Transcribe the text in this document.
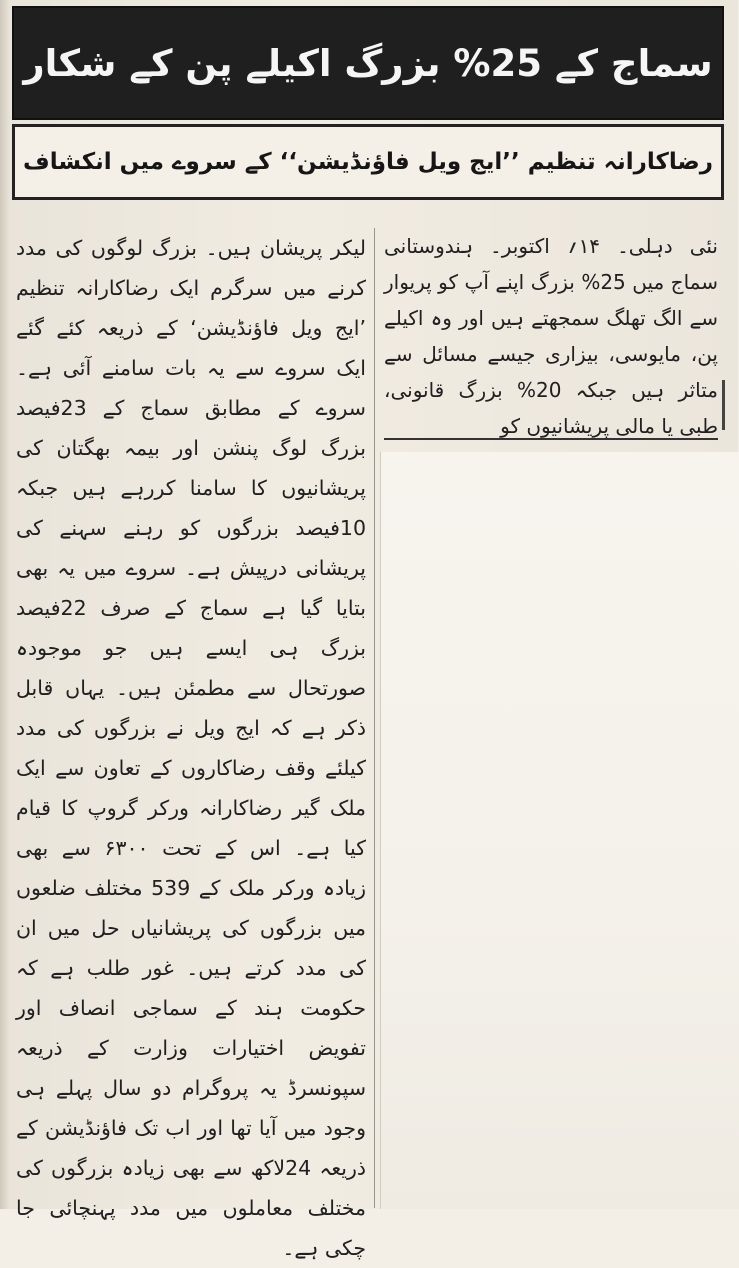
سماج کے 25% بزرگ اکیلے پن کے شکار
رضاکارانہ تنظیم ’’ایج ویل فاؤنڈیشن‘‘ کے سروے میں انکشاف
نئی دہلی۔ ۱۴؍ اکتوبر۔ ہندوستانی سماج میں 25% بزرگ اپنے آپ کو پریوار سے الگ تھلگ سمجھتے ہیں اور وہ اکیلے پن، مایوسی، بیزاری جیسے مسائل سے متاثر ہیں جبکہ 20% بزرگ قانونی، طبی یا مالی پریشانیوں کو
لیکر پریشان ہیں۔ بزرگ لوگوں کی مدد کرنے میں سرگرم ایک رضاکارانہ تنظیم ’ایج ویل فاؤنڈیشن‘ کے ذریعہ کئے گئے ایک سروے سے یہ بات سامنے آئی ہے۔ سروے کے مطابق سماج کے 23فیصد بزرگ لوگ پنشن اور بیمہ بھگتان کی پریشانیوں کا سامنا کررہے ہیں جبکہ 10فیصد بزرگوں کو رہنے سہنے کی پریشانی درپیش ہے۔ سروے میں یہ بھی بتایا گیا ہے سماج کے صرف 22فیصد بزرگ ہی ایسے ہیں جو موجودہ صورتحال سے مطمئن ہیں۔ یہاں قابل ذکر ہے کہ ایج ویل نے بزرگوں کی مدد کیلئے وقف رضاکاروں کے تعاون سے ایک ملک گیر رضاکارانہ ورکر گروپ کا قیام کیا ہے۔ اس کے تحت ۶۳۰۰ سے بھی زیادہ ورکر ملک کے 539 مختلف ضلعوں میں بزرگوں کی پریشانیاں حل میں ان کی مدد کرتے ہیں۔ غور طلب ہے کہ حکومت ہند کے سماجی انصاف اور تفویض اختیارات وزارت کے ذریعہ سپونسرڈ یہ پروگرام دو سال پہلے ہی وجود میں آیا تھا اور اب تک فاؤنڈیشن کے ذریعہ 24لاکھ سے بھی زیادہ بزرگوں کی مختلف معاملوں میں مدد پہنچائی جا چکی ہے۔
